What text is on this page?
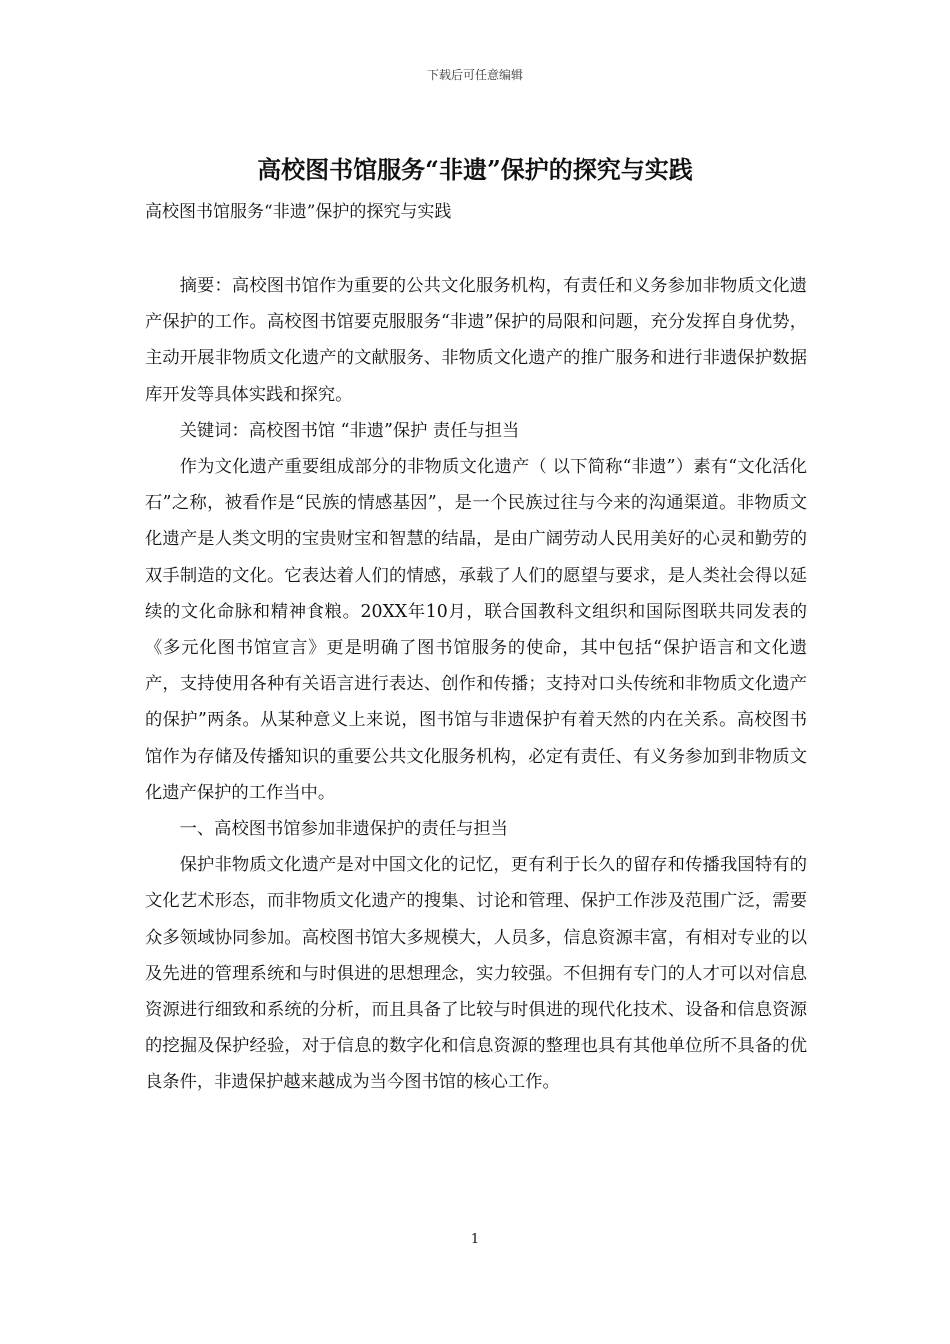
下载后可任意编辑
高校图书馆服务“非遗”保护的探究与实践
高校图书馆服务“非遗”保护的探究与实践

摘要：高校图书馆作为重要的公共文化服务机构，有责任和义务参加非物质文化遗产保护的工作。高校图书馆要克服服务“非遗”保护的局限和问题，充分发挥自身优势，主动开展非物质文化遗产的文献服务、非物质文化遗产的推广服务和进行非遗保护数据库开发等具体实践和探究。

关键词：高校图书馆 “非遗”保护 责任与担当

作为文化遗产重要组成部分的非物质文化遗产（ 以下简称“非遗”）素有“文化活化石”之称，被看作是“民族的情感基因”，是一个民族过往与今来的沟通渠道。非物质文化遗产是人类文明的宝贵财宝和智慧的结晶，是由广阔劳动人民用美好的心灵和勤劳的双手制造的文化。它表达着人们的情感，承载了人们的愿望与要求，是人类社会得以延续的文化命脉和精神食粮。20XX年10月，联合国教科文组织和国际图联共同发表的《多元化图书馆宣言》更是明确了图书馆服务的使命，其中包括“保护语言和文化遗产，支持使用各种有关语言进行表达、创作和传播；支持对口头传统和非物质文化遗产的保护”两条。从某种意义上来说，图书馆与非遗保护有着天然的内在关系。高校图书馆作为存储及传播知识的重要公共文化服务机构，必定有责任、有义务参加到非物质文化遗产保护的工作当中。

一、高校图书馆参加非遗保护的责任与担当

保护非物质文化遗产是对中国文化的记忆，更有利于长久的留存和传播我国特有的文化艺术形态，而非物质文化遗产的搜集、讨论和管理、保护工作涉及范围广泛，需要众多领域协同参加。高校图书馆大多规模大，人员多，信息资源丰富，有相对专业的以及先进的管理系统和与时俱进的思想理念，实力较强。不但拥有专门的人才可以对信息资源进行细致和系统的分析，而且具备了比较与时俱进的现代化技术、设备和信息资源的挖掘及保护经验，对于信息的数字化和信息资源的整理也具有其他单位所不具备的优良条件，非遗保护越来越成为当今图书馆的核心工作。

1
